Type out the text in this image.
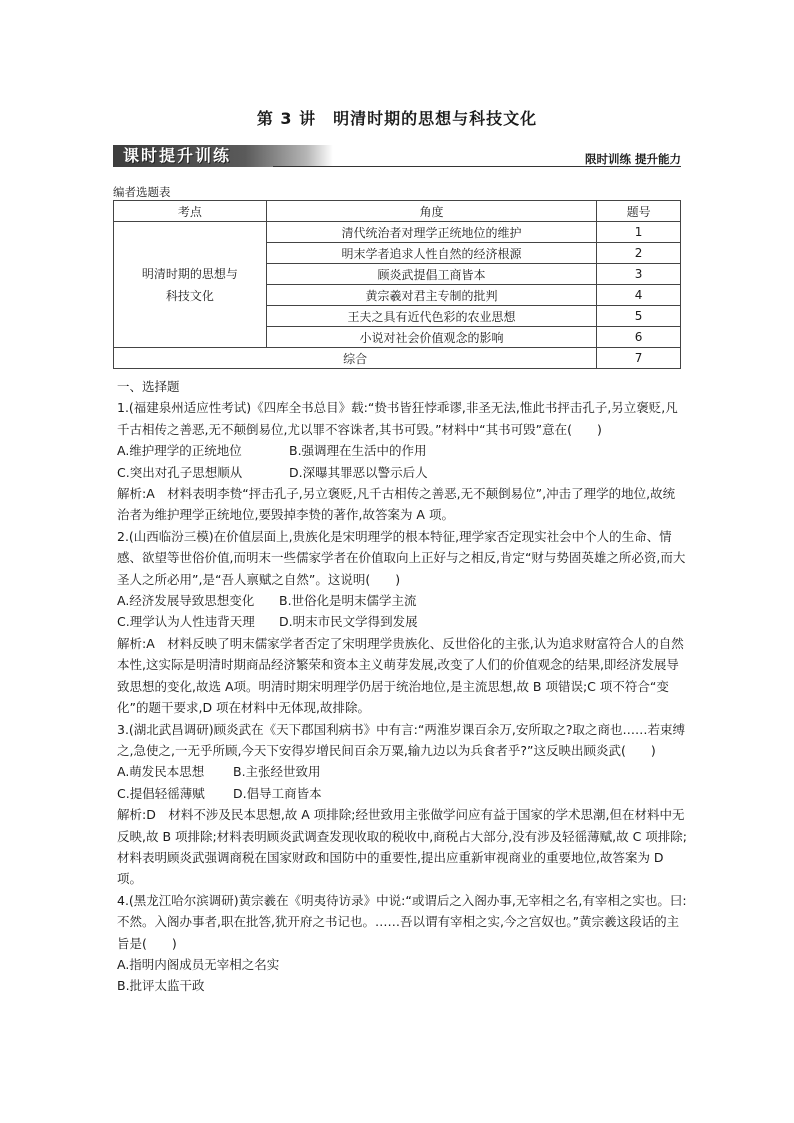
第 3 讲　明清时期的思想与科技文化
课时提升训练	限时训练 提升能力
编者选题表
考点	角度	题号
明清时期的思想与科技文化	清代统治者对理学正统地位的维护	1
	明末学者追求人性自然的经济根源	2
	顾炎武提倡工商皆本	3
	黄宗羲对君主专制的批判	4
	王夫之具有近代色彩的农业思想	5
	小说对社会价值观念的影响	6
综合		7

一、选择题

1.(福建泉州适应性考试)《四库全书总目》载:“贽书皆狂悖乖谬,非圣无法,惟此书抨击孔子,另立褒贬,凡千古相传之善恶,无不颠倒易位,尤以罪不容诛者,其书可毁。”材料中“其书可毁”意在(　　)

A.维护理学的正统地位	B.强调理在生活中的作用
C.突出对孔子思想顺从	D.深曝其罪恶以警示后人

解析:A　材料表明李贽“抨击孔子,另立褒贬,凡千古相传之善恶,无不颠倒易位”,冲击了理学的地位,故统治者为维护理学正统地位,要毁掉李贽的著作,故答案为 A 项。

2.(山西临汾三模)在价值层面上,贵族化是宋明理学的根本特征,理学家否定现实社会中个人的生命、情感、欲望等世俗价值,而明末一些儒家学者在价值取向上正好与之相反,肯定“财与势固英雄之所必资,而大圣人之所必用”,是“吾人禀赋之自然”。这说明(　　)

A.经济发展导致思想变化	B.世俗化是明末儒学主流
C.理学认为人性违背天理	D.明末市民文学得到发展

解析:A　材料反映了明末儒家学者否定了宋明理学贵族化、反世俗化的主张,认为追求财富符合人的自然本性,这实际是明清时期商品经济繁荣和资本主义萌芽发展,改变了人们的价值观念的结果,即经济发展导致思想的变化,故选 A项。明清时期宋明理学仍居于统治地位,是主流思想,故 B 项错误;C 项不符合“变化”的题干要求,D 项在材料中无体现,故排除。

3.(湖北武昌调研)顾炎武在《天下郡国利病书》中有言:“两淮岁课百余万,安所取之?取之商也……若束缚之,急使之,一无乎所顾,今天下安得岁增民间百余万粟,输九边以为兵食者乎?”这反映出顾炎武(　　)

A.萌发民本思想	B.主张经世致用
C.提倡轻徭薄赋	D.倡导工商皆本

解析:D　材料不涉及民本思想,故 A 项排除;经世致用主张做学问应有益于国家的学术思潮,但在材料中无反映,故 B 项排除;材料表明顾炎武调查发现收取的税收中,商税占大部分,没有涉及轻徭薄赋,故 C 项排除;材料表明顾炎武强调商税在国家财政和国防中的重要性,提出应重新审视商业的重要地位,故答案为 D 项。

4.(黑龙江哈尔滨调研)黄宗羲在《明夷待访录》中说:“或谓后之入阁办事,无宰相之名,有宰相之实也。曰:不然。入阁办事者,职在批答,犹开府之书记也。……吾以谓有宰相之实,今之宫奴也。”黄宗羲这段话的主旨是(　　)

A.指明内阁成员无宰相之名实

B.批评太监干政
